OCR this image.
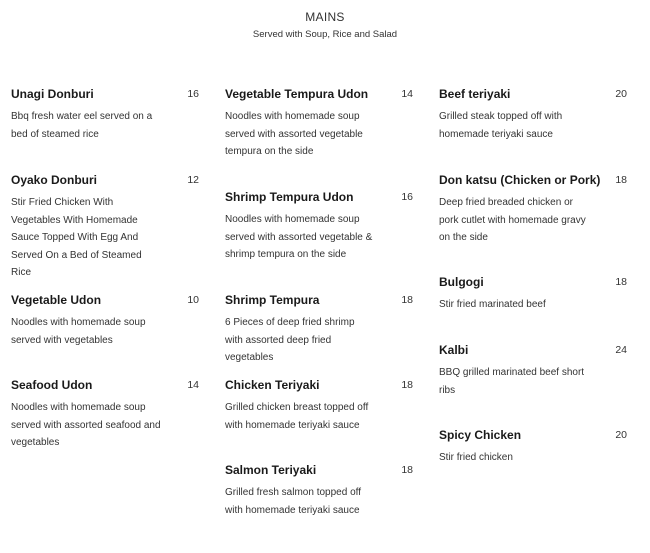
MAINS
Served with Soup, Rice and Salad
Unagi Donburi	16
Bbq fresh water eel served on a bed of steamed rice
Oyako Donburi	12
Stir Fried Chicken With Vegetables With Homemade Sauce Topped With Egg And Served On a Bed of Steamed Rice
Vegetable Udon	10
Noodles with homemade soup served with vegetables
Seafood Udon	14
Noodles with homemade soup served with assorted seafood and vegetables
Vegetable Tempura Udon	14
Noodles with homemade soup served with assorted vegetable tempura on the side
Shrimp Tempura Udon	16
Noodles with homemade soup served with assorted vegetable & shrimp tempura on the side
Shrimp Tempura	18
6 Pieces of deep fried shrimp with assorted deep fried vegetables
Chicken Teriyaki	18
Grilled chicken breast topped off with homemade teriyaki sauce
Salmon Teriyaki	18
Grilled fresh salmon topped off with homemade teriyaki sauce
Beef teriyaki	20
Grilled steak topped off with homemade teriyaki sauce
Don katsu (Chicken or Pork) 18
Deep fried breaded chicken or pork cutlet with homemade gravy on the side
Bulgogi	18
Stir fried marinated beef
Kalbi	24
BBQ grilled marinated beef short ribs
Spicy Chicken	20
Stir fried chicken
